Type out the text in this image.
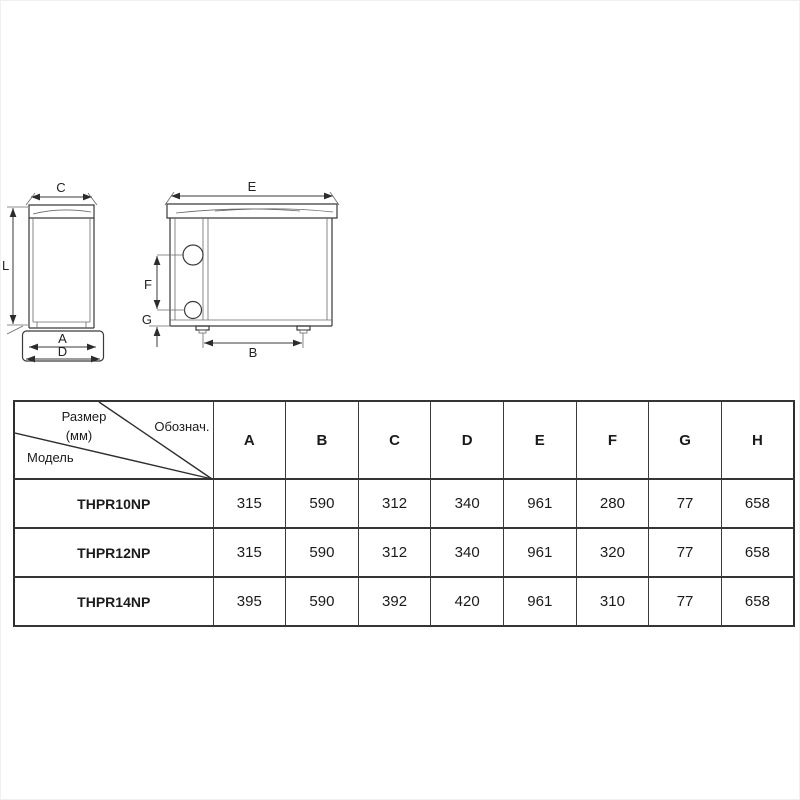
C
A
D
L
E
F
G
B
Размер
(мм)
Обознач.
Модель	A	B	C	D	E	F	G	H
THPR10NP	315	590	312	340	961	280	77	658
THPR12NP	315	590	312	340	961	320	77	658
THPR14NP	395	590	392	420	961	310	77	658
